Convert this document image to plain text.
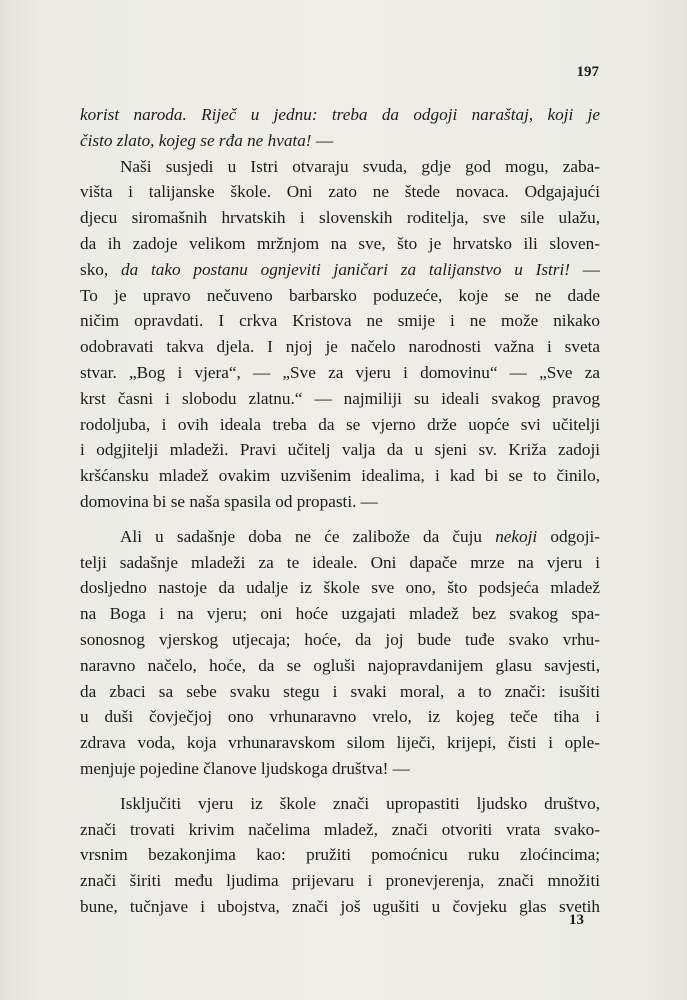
197
korist naroda. Riječ u jednu: treba da odgoji naraštaj, koji je
čisto zlato, kojeg se rđa ne hvata! —
Naši susjedi u Istri otvaraju svuda, gdje god mogu, zaba-
višta i talijanske škole. Oni zato ne štede novaca. Odgajajući
djecu siromašnih hrvatskih i slovenskih roditelja, sve sile ulažu,
da ih zadoje velikom mržnjom na sve, što je hrvatsko ili sloven-
sko, da tako postanu ognjeviti janičari za talijanstvo u Istri! —
To je upravo nečuveno barbarsko poduzeće, koje se ne dade
ničim opravdati. I crkva Kristova ne smije i ne može nikako
odobravati takva djela. I njoj je načelo narodnosti važna i sveta
stvar. „Bog i vjera“, — „Sve za vjeru i domovinu“ — „Sve za
krst časni i slobodu zlatnu.“ — najmiliji su ideali svakog pravog
rodoljuba, i ovih ideala treba da se vjerno drže uopće svi učitelji
i odgjitelji mladeži. Pravi učitelj valja da u sjeni sv. Križa zadoji
kršćansku mladež ovakim uzvišenim idealima, i kad bi se to činilo,
domovina bi se naša spasila od propasti. —
Ali u sadašnje doba ne će zalibože da čuju nekoji odgoji-
telji sadašnje mladeži za te ideale. Oni dapače mrze na vjeru i
dosljedno nastoje da udalje iz škole sve ono, što podsjeća mladež
na Boga i na vjeru; oni hoće uzgajati mladež bez svakog spa-
sonosnog vjerskog utjecaja; hoće, da joj bude tuđe svako vrhu-
naravno načelo, hoće, da se ogluši najopravdanijem glasu savjesti,
da zbaci sa sebe svaku stegu i svaki moral, a to znači: isušiti
u duši čovječjoj ono vrhunaravno vrelo, iz kojeg teče tiha i
zdrava voda, koja vrhunaravskom silom liječi, krijepi, čisti i ople-
menjuje pojedine članove ljudskoga društva! —
Isključiti vjeru iz škole znači upropastiti ljudsko društvo,
znači trovati krivim načelima mladež, znači otvoriti vrata svako-
vrsnim bezakonjima kao: pružiti pomoćnicu ruku zloćincima;
znači širiti među ljudima prijevaru i pronevjerenja, znači množiti
bune, tučnjave i ubojstva, znači još ugušiti u čovjeku glas svetih
13
